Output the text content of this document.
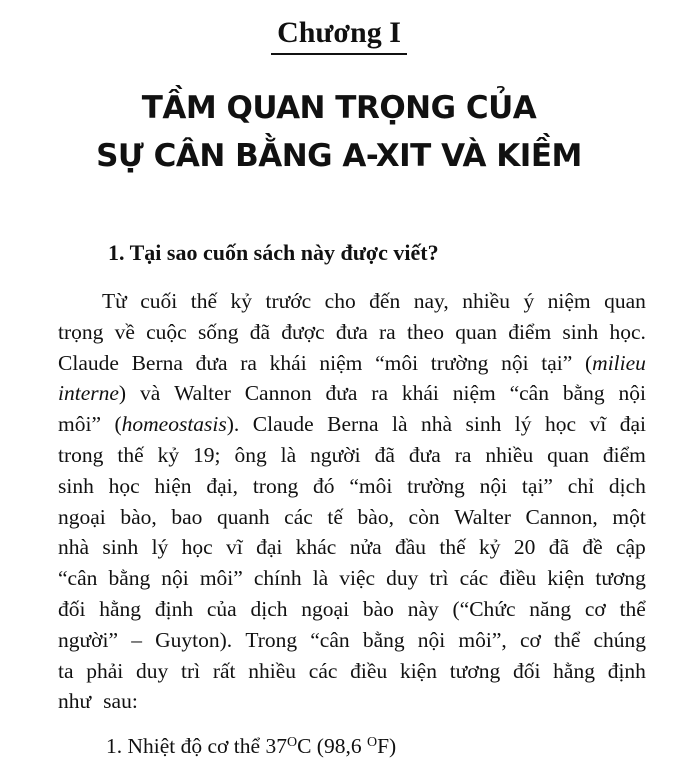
Chương I
TẦM QUAN TRỌNG CỦA
SỰ CÂN BẰNG A-XIT VÀ KIỀM
1. Tại sao cuốn sách này được viết?
Từ cuối thế kỷ trước cho đến nay, nhiều ý niệm quan
trọng về cuộc sống đã được đưa ra theo quan điểm sinh học.
Claude Berna đưa ra khái niệm “môi trường nội tại” (milieu
interne) và Walter Cannon đưa ra khái niệm “cân bằng nội
môi” (homeostasis). Claude Berna là nhà sinh lý học vĩ đại
trong thế kỷ 19; ông là người đã đưa ra nhiều quan điểm
sinh học hiện đại, trong đó “môi trường nội tại” chỉ dịch
ngoại bào, bao quanh các tế bào, còn Walter Cannon, một
nhà sinh lý học vĩ đại khác nửa đầu thế kỷ 20 đã đề cập
“cân bằng nội môi” chính là việc duy trì các điều kiện tương
đối hằng định của dịch ngoại bào này (“Chức năng cơ thể
người” – Guyton). Trong “cân bằng nội môi”, cơ thể chúng
ta phải duy trì rất nhiều các điều kiện tương đối hằng định
như sau:
1. Nhiệt độ cơ thể $37^OC$ (98,6 $^O$F)
